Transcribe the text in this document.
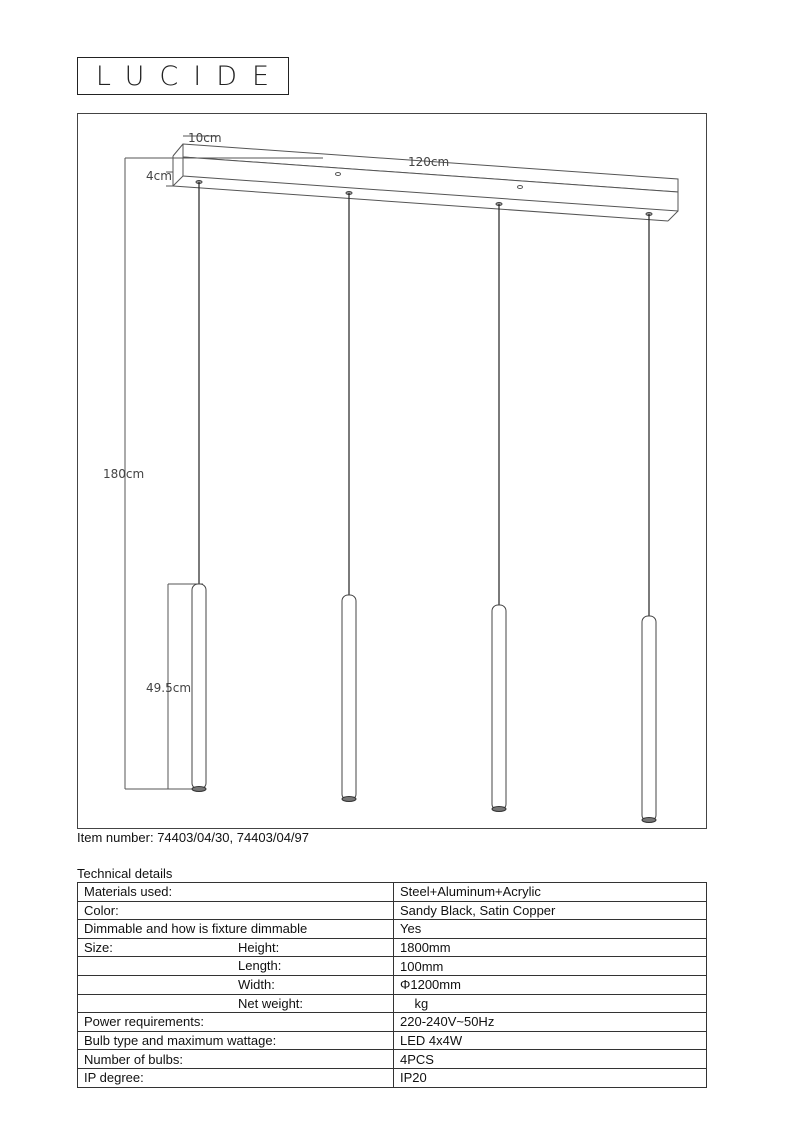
LUCIDE
10cm
4cm
120cm
180cm
49.5cm
Item number: 74403/04/30, 74403/04/97
Technical details
Materials used:	Steel+Aluminum+Acrylic
Color:	Sandy Black, Satin Copper
Dimmable and how is fixture dimmable	Yes
Size: Height:	1800mm

Length:	100mm

Width:	Φ1200mm

Net weight:	kg
Power requirements:	220-240V~50Hz
Bulb type and maximum wattage:	LED 4x4W
Number of bulbs:	4PCS
IP degree:	IP20
